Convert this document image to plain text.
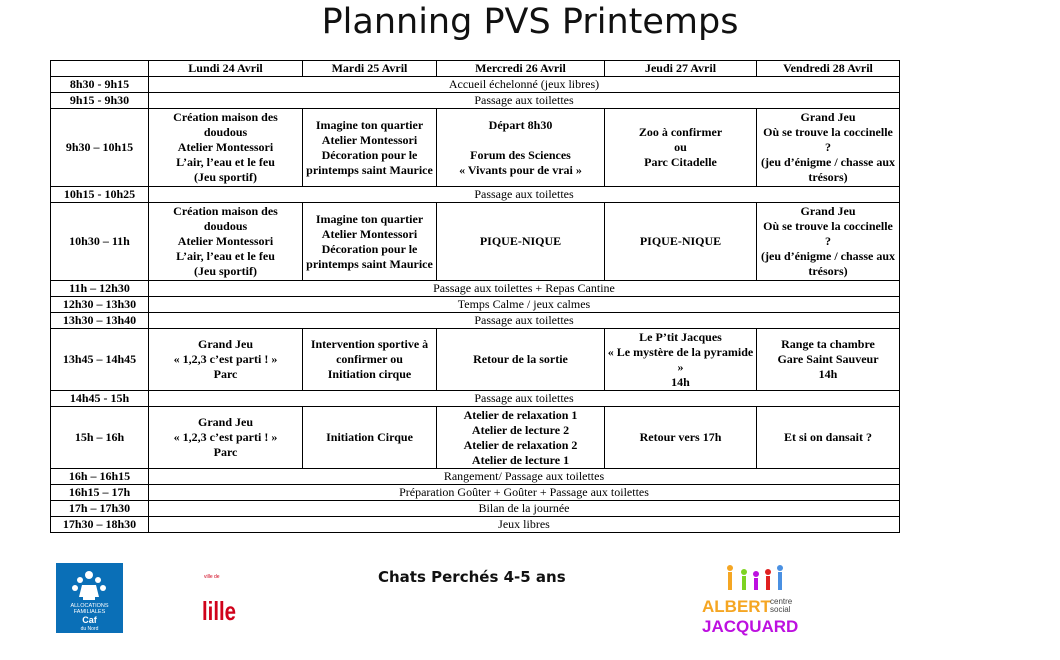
Planning PVS Printemps
	Lundi 24 Avril	Mardi 25 Avril	Mercredi 26 Avril	Jeudi 27 Avril	Vendredi 28 Avril
8h30 - 9h15	Accueil échelonné (jeux libres)				
9h15 - 9h30	Passage aux toilettes				
9h30 – 10h15	Création maison des doudous
Atelier Montessori
L’air, l’eau et le feu
(Jeu sportif)	Imagine ton quartier
Atelier Montessori
Décoration pour le printemps saint Maurice	Départ 8h30

Forum des Sciences
« Vivants pour de vrai »	Zoo à confirmer
ou
Parc Citadelle	Grand Jeu
Où se trouve la coccinelle ?
(jeu d’énigme / chasse aux trésors)
10h15 - 10h25	Passage aux toilettes				
10h30 – 11h	Création maison des doudous
Atelier Montessori
L’air, l’eau et le feu
(Jeu sportif)	Imagine ton quartier
Atelier Montessori
Décoration pour le printemps saint Maurice	PIQUE-NIQUE	PIQUE-NIQUE	Grand Jeu
Où se trouve la coccinelle ?
(jeu d’énigme / chasse aux trésors)
11h – 12h30	Passage aux toilettes + Repas Cantine				
12h30 – 13h30	Temps Calme / jeux calmes				
13h30 – 13h40	Passage aux toilettes				
13h45 – 14h45	Grand Jeu
« 1,2,3 c’est parti ! »
Parc	Intervention sportive à confirmer ou
Initiation cirque	Retour de la sortie	Le P’tit Jacques
« Le mystère de la pyramide »
14h	Range ta chambre
Gare Saint Sauveur
14h
14h45 - 15h	Passage aux toilettes				
15h – 16h	Grand Jeu
« 1,2,3 c’est parti ! »
Parc	Initiation Cirque	Atelier de relaxation 1
Atelier de lecture 2
Atelier de relaxation 2
Atelier de lecture 1	Retour vers 17h	Et si on dansait ?
16h – 16h15	Rangement/ Passage aux toilettes				
16h15 – 17h	Préparation Goûter + Goûter + Passage aux toilettes				
17h – 17h30	Bilan de la journée				
17h30 – 18h30	Jeux libres				
Chats Perchés 4-5 ans
ALLOCATIONS
FAMILIALES
Caf
du Nord
ville de
lille	ALBERT centre
social
JACQUARD
